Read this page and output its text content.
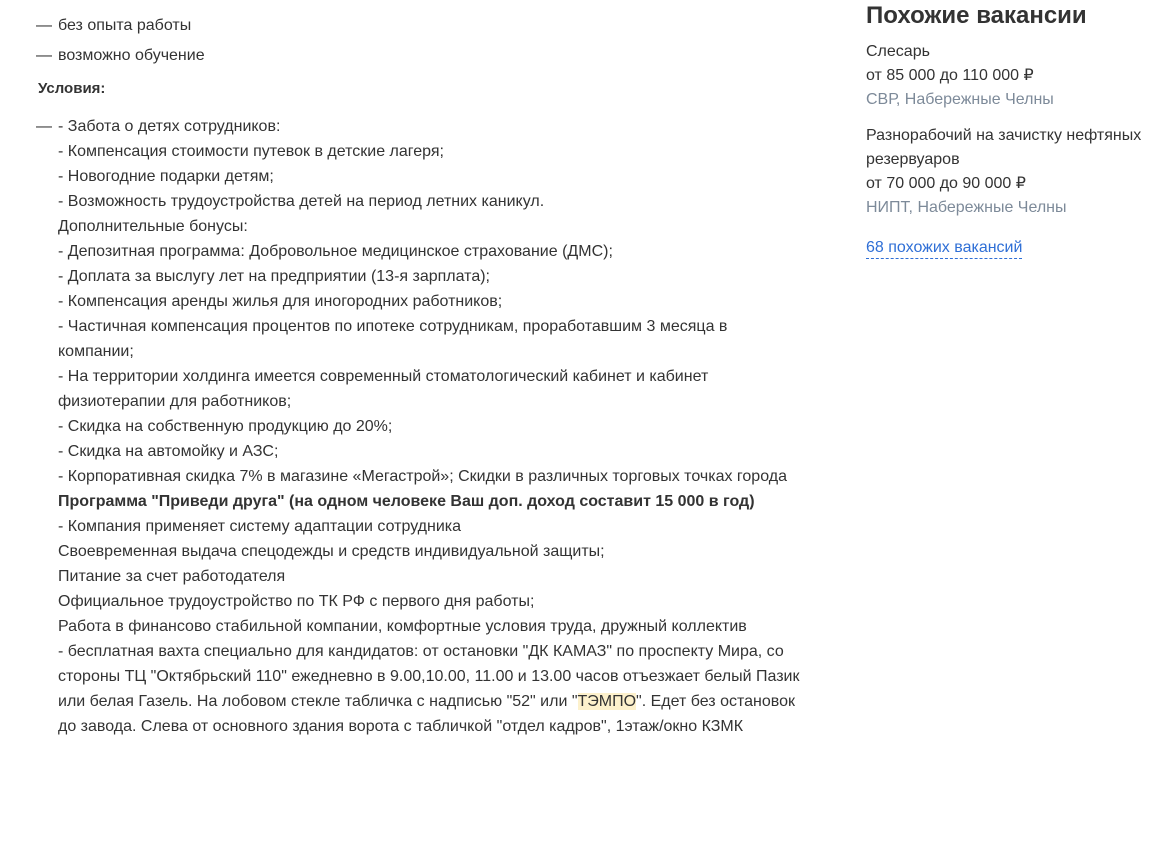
— без опыта работы
— возможно обучение
Условия:
— - Забота о детях сотрудников:
- Компенсация стоимости путевок в детские лагеря;
- Новогодние подарки детям;
- Возможность трудоустройства детей на период летних каникул.
Дополнительные бонусы:
- Депозитная программа: Добровольное медицинское страхование (ДМС);
- Доплата за выслугу лет на предприятии (13-я зарплата);
- Компенсация аренды жилья для иногородних работников;
- Частичная компенсация процентов по ипотеке сотрудникам, проработавшим 3 месяца в компании;
- На территории холдинга имеется современный стоматологический кабинет и кабинет физиотерапии для работников;
- Скидка на собственную продукцию до 20%;
- Скидка на автомойку и АЗС;
- Корпоративная скидка 7% в магазине «Мегастрой»; Скидки в различных торговых точках города
Программа "Приведи друга" (на одном человеке Ваш доп. доход составит 15 000 в год)
- Компания применяет систему адаптации сотрудника
Своевременная выдача спецодежды и средств индивидуальной защиты;
Питание за счет работодателя
Официальное трудоустройство по ТК РФ с первого дня работы;
Работа в финансово стабильной компании, комфортные условия труда, дружный коллектив
- бесплатная вахта специально для кандидатов: от остановки "ДК КАМАЗ" по проспекту Мира, со стороны ТЦ "Октябрьский 110" ежедневно в 9.00,10.00, 11.00 и 13.00 часов отъезжает белый Пазик или белая Газель. На лобовом стекле табличка с надписью "52" или "ТЭМПО". Едет без остановок до завода. Слева от основного здания ворота с табличкой "отдел кадров", 1этаж/окно КЗМК
Похожие вакансии
Слесарь
от 85 000 до 110 000 ₽
СВР, Набережные Челны
Разнорабочий на зачистку нефтяных резервуаров
от 70 000 до 90 000 ₽
НИПТ, Набережные Челны
68 похожих вакансий
